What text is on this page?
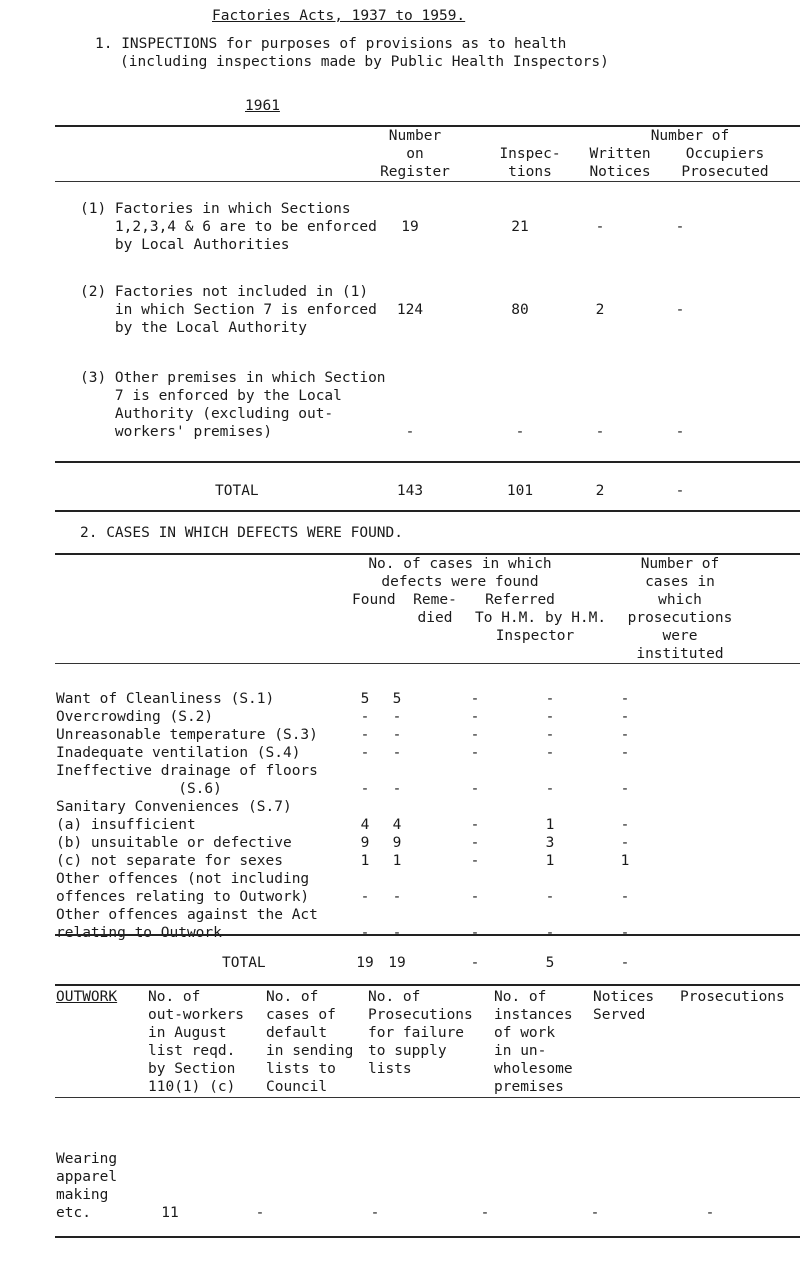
Factories Acts, 1937 to 1959.
1. INSPECTIONS for purposes of provisions as to health
(including inspections made by Public Health Inspectors)
1961
Number
on
Register
Inspec-
tions
Number of
Written
Notices
Occupiers
Prosecuted
(1) Factories in which Sections
1,2,3,4 & 6 are to be enforced
by Local Authorities
19	21	-	-
(2) Factories not included in (1)
in which Section 7 is enforced
by the Local Authority
124	80	2	-
(3) Other premises in which Section
7 is enforced by the Local
Authority (excluding out-
workers' premises)	-	-	-	-
TOTAL	143	101	2	-
2. CASES IN WHICH DEFECTS WERE FOUND.
No. of cases in which
defects were found
Found	Reme-
died
Referred
To H.M. by H.M.
Inspector
Number of
cases in
which
prosecutions
were
instituted
Want of Cleanliness (S.1)	5	5	-	-	-
Overcrowding (S.2)	-	-	-	-	-
Unreasonable temperature (S.3)	-	-	-	-	-
Inadequate ventilation (S.4)	-	-	-	-	-
Ineffective drainage of floors
(S.6)	-	-	-	-	-
Sanitary Conveniences (S.7)
(a) insufficient	4	4	-	1	-
(b) unsuitable or defective	9	9	-	3	-
(c) not separate for sexes	1	1	-	1	1
Other offences (not including
offences relating to Outwork)	-	-	-	-	-
Other offences against the Act
relating to Outwork	-	-	-	-	-
TOTAL	19	19	-	5	-
OUTWORK No. of
out-workers
in August
list reqd.
by Section
110(1) (c)
No. of
cases of
default
in sending
lists to
Council
No. of
Prosecutions
for failure
to supply
lists
No. of
instances
of work
in un-
wholesome
premises
Notices
Served
Prosecutions
Wearing
apparel
making
etc.	11	-	-	-	-	-
